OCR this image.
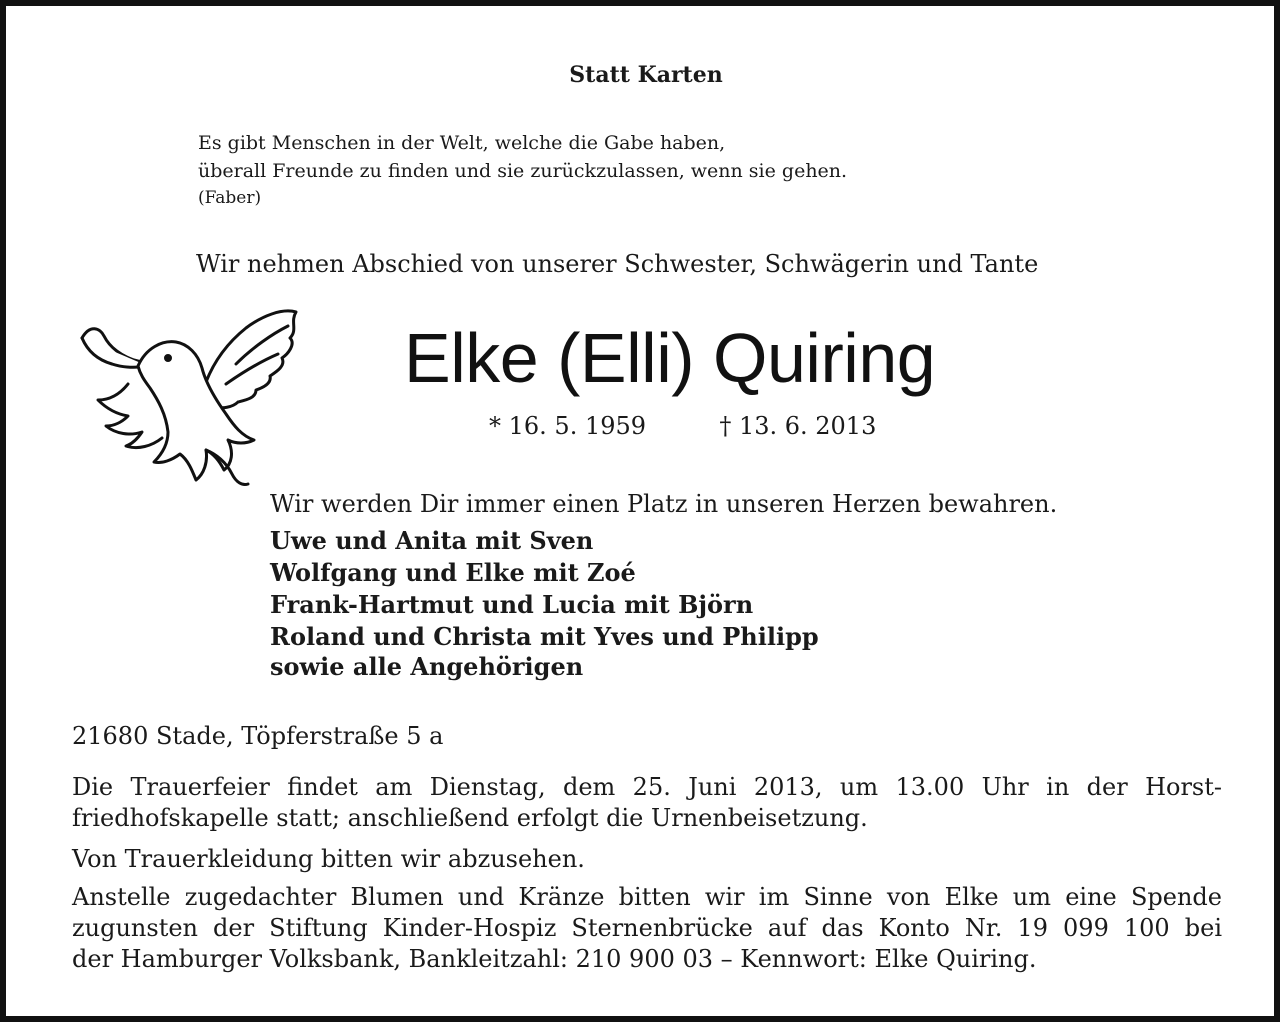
Statt Karten
Es gibt Menschen in der Welt, welche die Gabe haben,
überall Freunde zu finden und sie zurückzulassen, wenn sie gehen.
(Faber)
Wir nehmen Abschied von unserer Schwester, Schwägerin und Tante
Elke (Elli) Quiring
* 16. 5. 1959	† 13. 6. 2013
Wir werden Dir immer einen Platz in unseren Herzen bewahren.
Uwe und Anita mit Sven
Wolfgang und Elke mit Zoé
Frank-Hartmut und Lucia mit Björn
Roland und Christa mit Yves und Philipp
sowie alle Angehörigen
21680 Stade, Töpferstraße 5 a
Die Trauerfeier findet am Dienstag, dem 25. Juni 2013, um 13.00 Uhr in der Horst-
friedhofskapelle statt; anschließend erfolgt die Urnenbeisetzung.
Von Trauerkleidung bitten wir abzusehen.
Anstelle zugedachter Blumen und Kränze bitten wir im Sinne von Elke um eine Spende
zugunsten der Stiftung Kinder-Hospiz Sternenbrücke auf das Konto Nr. 19 099 100 bei
der Hamburger Volksbank, Bankleitzahl: 210 900 03 – Kennwort: Elke Quiring.
